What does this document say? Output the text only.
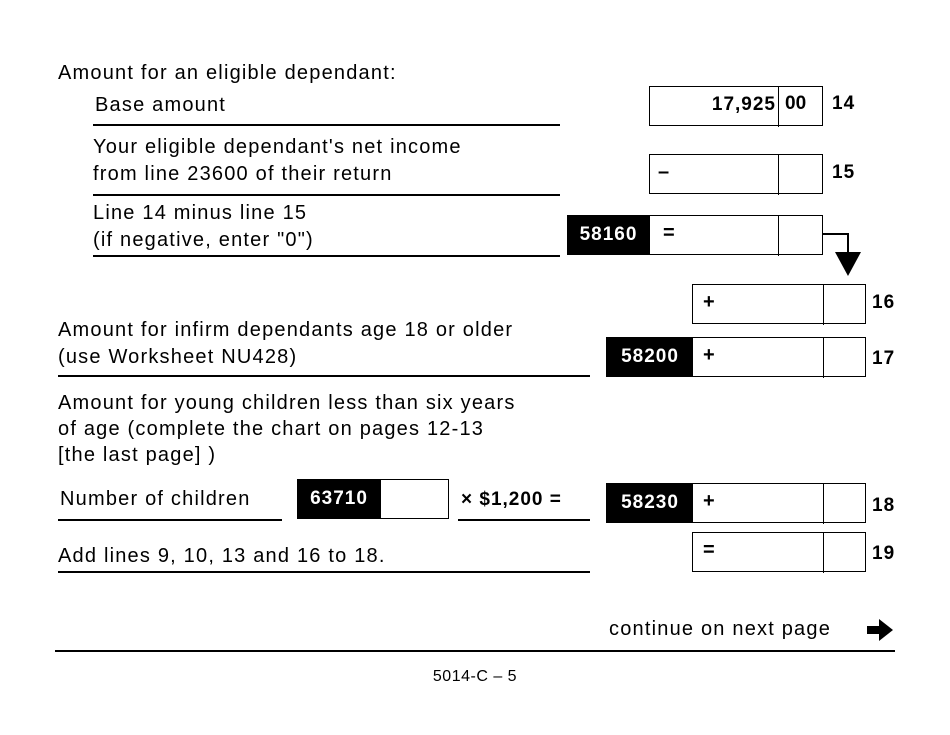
Amount for an eligible dependant:
Base amount	17,925 00 14
Your eligible dependant's net income
from line 23600 of their return	–	15
Line 14 minus line 15
(if negative, enter "0")	58160	=
+	16
Amount for infirm dependants age 18 or older
(use Worksheet NU428)	58200	+	17
Amount for young children less than six years
of age (complete the chart on pages 12-13
[the last page] )
Number of children	63710	× $1,200 =	58230	+	18
Add lines 9, 10, 13 and 16 to 18.	=	19
continue on next page
5014-C – 5
